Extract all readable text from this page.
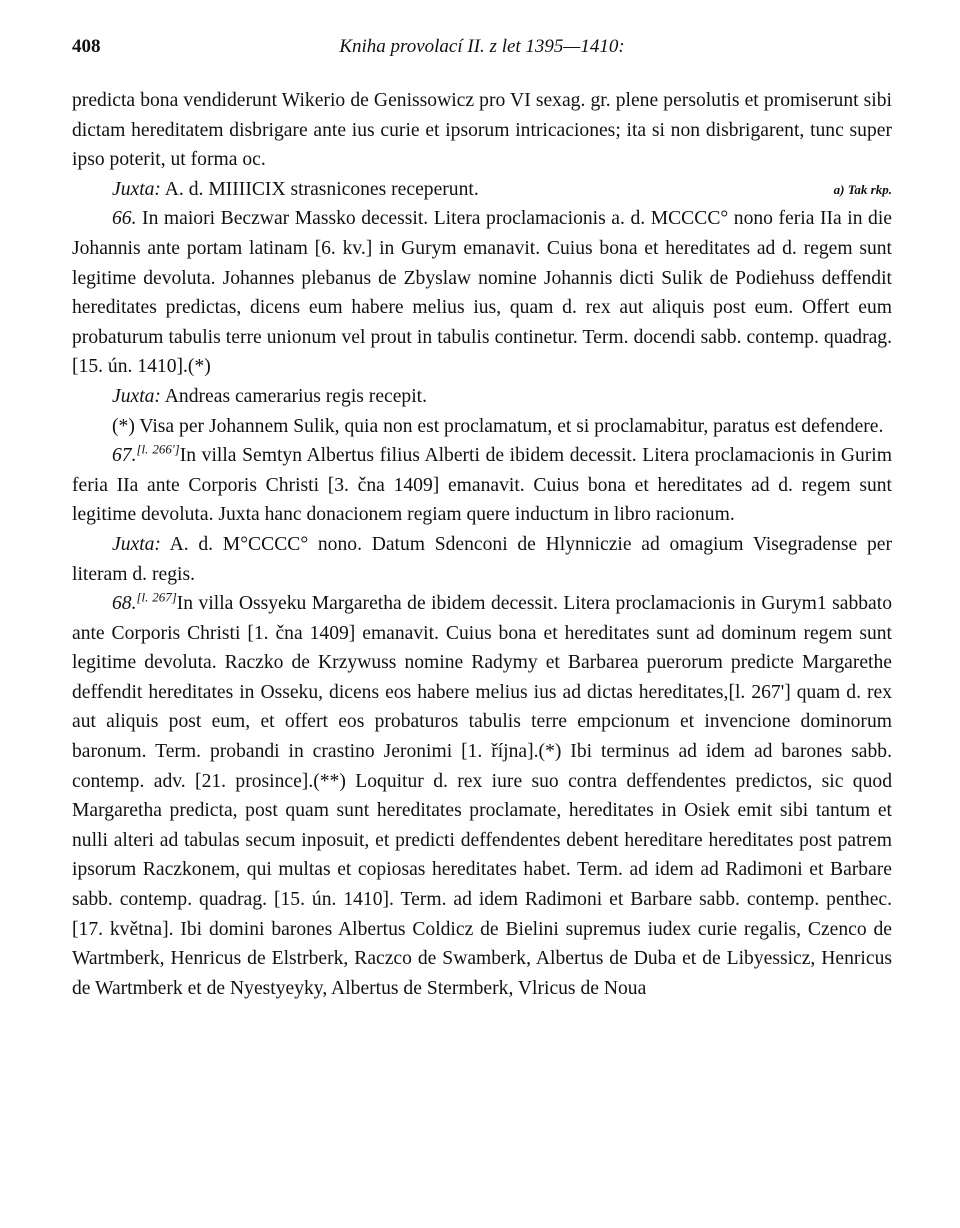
408	Kniha provolací II. z let 1395—1410:

predicta bona vendiderunt Wikerio de Genissowicz pro VI sexag. gr. plene persolutis et promiserunt sibi dictam hereditatem disbrigare ante ius curie et ipsorum intricaciones; ita si non disbrigarent, tunc super ipso poterit, ut forma oc.

Juxta: A. d. MIIIICIX strasnicones receperunt.	a) Tak rkp.

66. In maiori Beczwar Massko decessit. Litera proclamacionis a. d. MCCCC° nono feria IIa in die Johannis ante portam latinam [6. kv.] in Gurym emanavit. Cuius bona et hereditates ad d. regem sunt legitime devoluta. Johannes plebanus de Zbyslaw nomine Johannis dicti Sulik de Podiehuss deffendit hereditates predictas, dicens eum habere melius ius, quam d. rex aut aliquis post eum. Offert eum probaturum tabulis terre unionum vel prout in tabulis continetur. Term. docendi sabb. contemp. quadrag. [15. ún. 1410].(*)

Juxta: Andreas camerarius regis recepit.

(*) Visa per Johannem Sulik, quia non est proclamatum, et si proclamabitur, paratus est defendere.

67.[l. 266']In villa Semtyn Albertus filius Alberti de ibidem decessit. Litera proclamacionis in Gurim feria IIa ante Corporis Christi [3. čna 1409] emanavit. Cuius bona et hereditates ad d. regem sunt legitime devoluta. Juxta hanc donacionem regiam quere inductum in libro racionum.

Juxta: A. d. M°CCCC° nono. Datum Sdenconi de Hlynniczie ad omagium Visegradense per literam d. regis.

68.[l. 267]In villa Ossyeku Margaretha de ibidem decessit. Litera proclamacionis in Gurym1 sabbato ante Corporis Christi [1. čna 1409] emanavit. Cuius bona et hereditates sunt ad dominum regem sunt legitime devoluta. Raczko de Krzywuss nomine Radymy et Barbarea puerorum predicte Margarethe deffendit hereditates in Osseku, dicens eos habere melius ius ad dictas hereditates,[l. 267'] quam d. rex aut aliquis post eum, et offert eos probaturos tabulis terre empcionum et invencione dominorum baronum. Term. probandi in crastino Jeronimi [1. října].(*) Ibi terminus ad idem ad barones sabb. contemp. adv. [21. prosince].(**) Loquitur d. rex iure suo contra deffendentes predictos, sic quod Margaretha predicta, post quam sunt hereditates proclamate, hereditates in Osiek emit sibi tantum et nulli alteri ad tabulas secum inposuit, et predicti deffendentes debent hereditare hereditates post patrem ipsorum Raczkonem, qui multas et copiosas hereditates habet. Term. ad idem ad Radimoni et Barbare sabb. contemp. quadrag. [15. ún. 1410]. Term. ad idem Radimoni et Barbare sabb. contemp. penthec. [17. května]. Ibi domini barones Albertus Coldicz de Bielini supremus iudex curie regalis, Czenco de Wartmberk, Henricus de Elstrberk, Raczco de Swamberk, Albertus de Duba et de Libyessicz, Henricus de Wartmberk et de Nyestyeyky, Albertus de Stermberk, Vlricus de Noua
